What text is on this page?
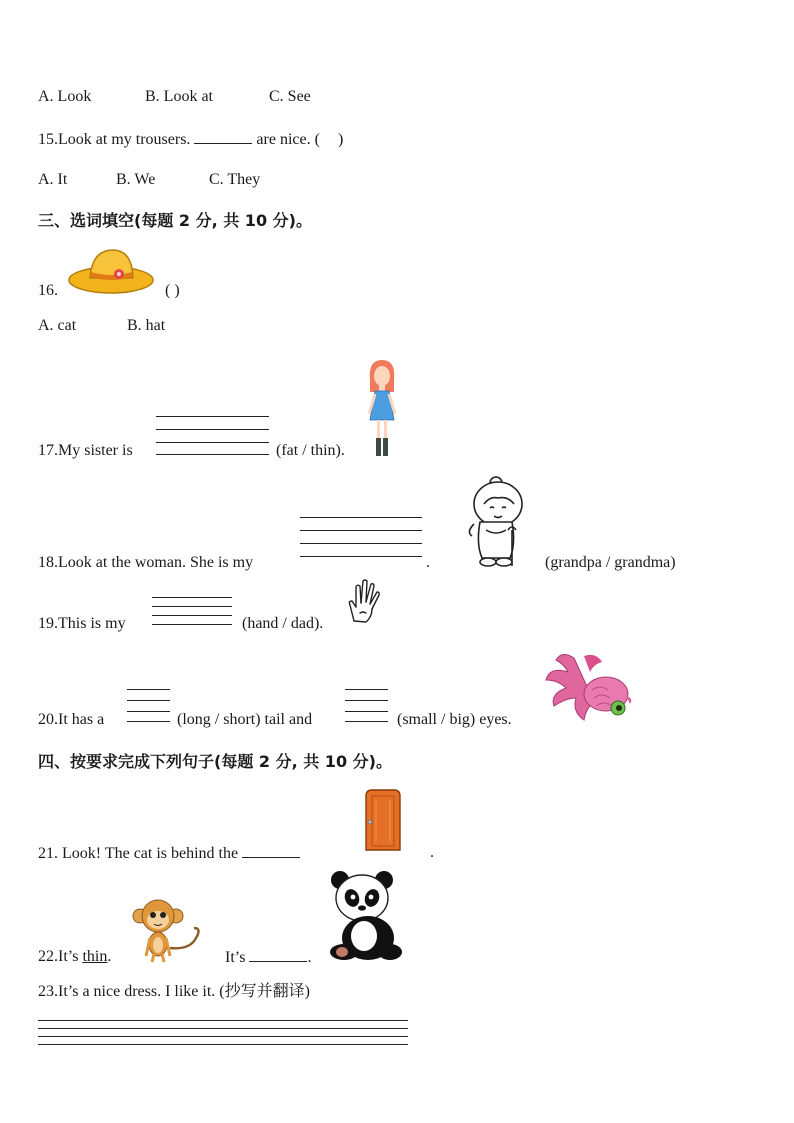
A. Look	B. Look at	C. See
15.Look at my trousers.	are nice. ( )
A. It	B. We	C. They
三、选词填空(每题 2 分, 共 10 分)。
16.	( )
A. cat	B. hat
17.My sister is	(fat / thin).
18.Look at the woman. She is my	.	(grandpa / grandma)
19.This is my	(hand / dad).
20.It has a	(long / short) tail and	(small / big) eyes.
四、按要求完成下列句子(每题 2 分, 共 10 分)。
21. Look! The cat is behind the	.
22.It’s thin.	It’s	.
23.It’s a nice dress. I like it. (抄写并翻译)
